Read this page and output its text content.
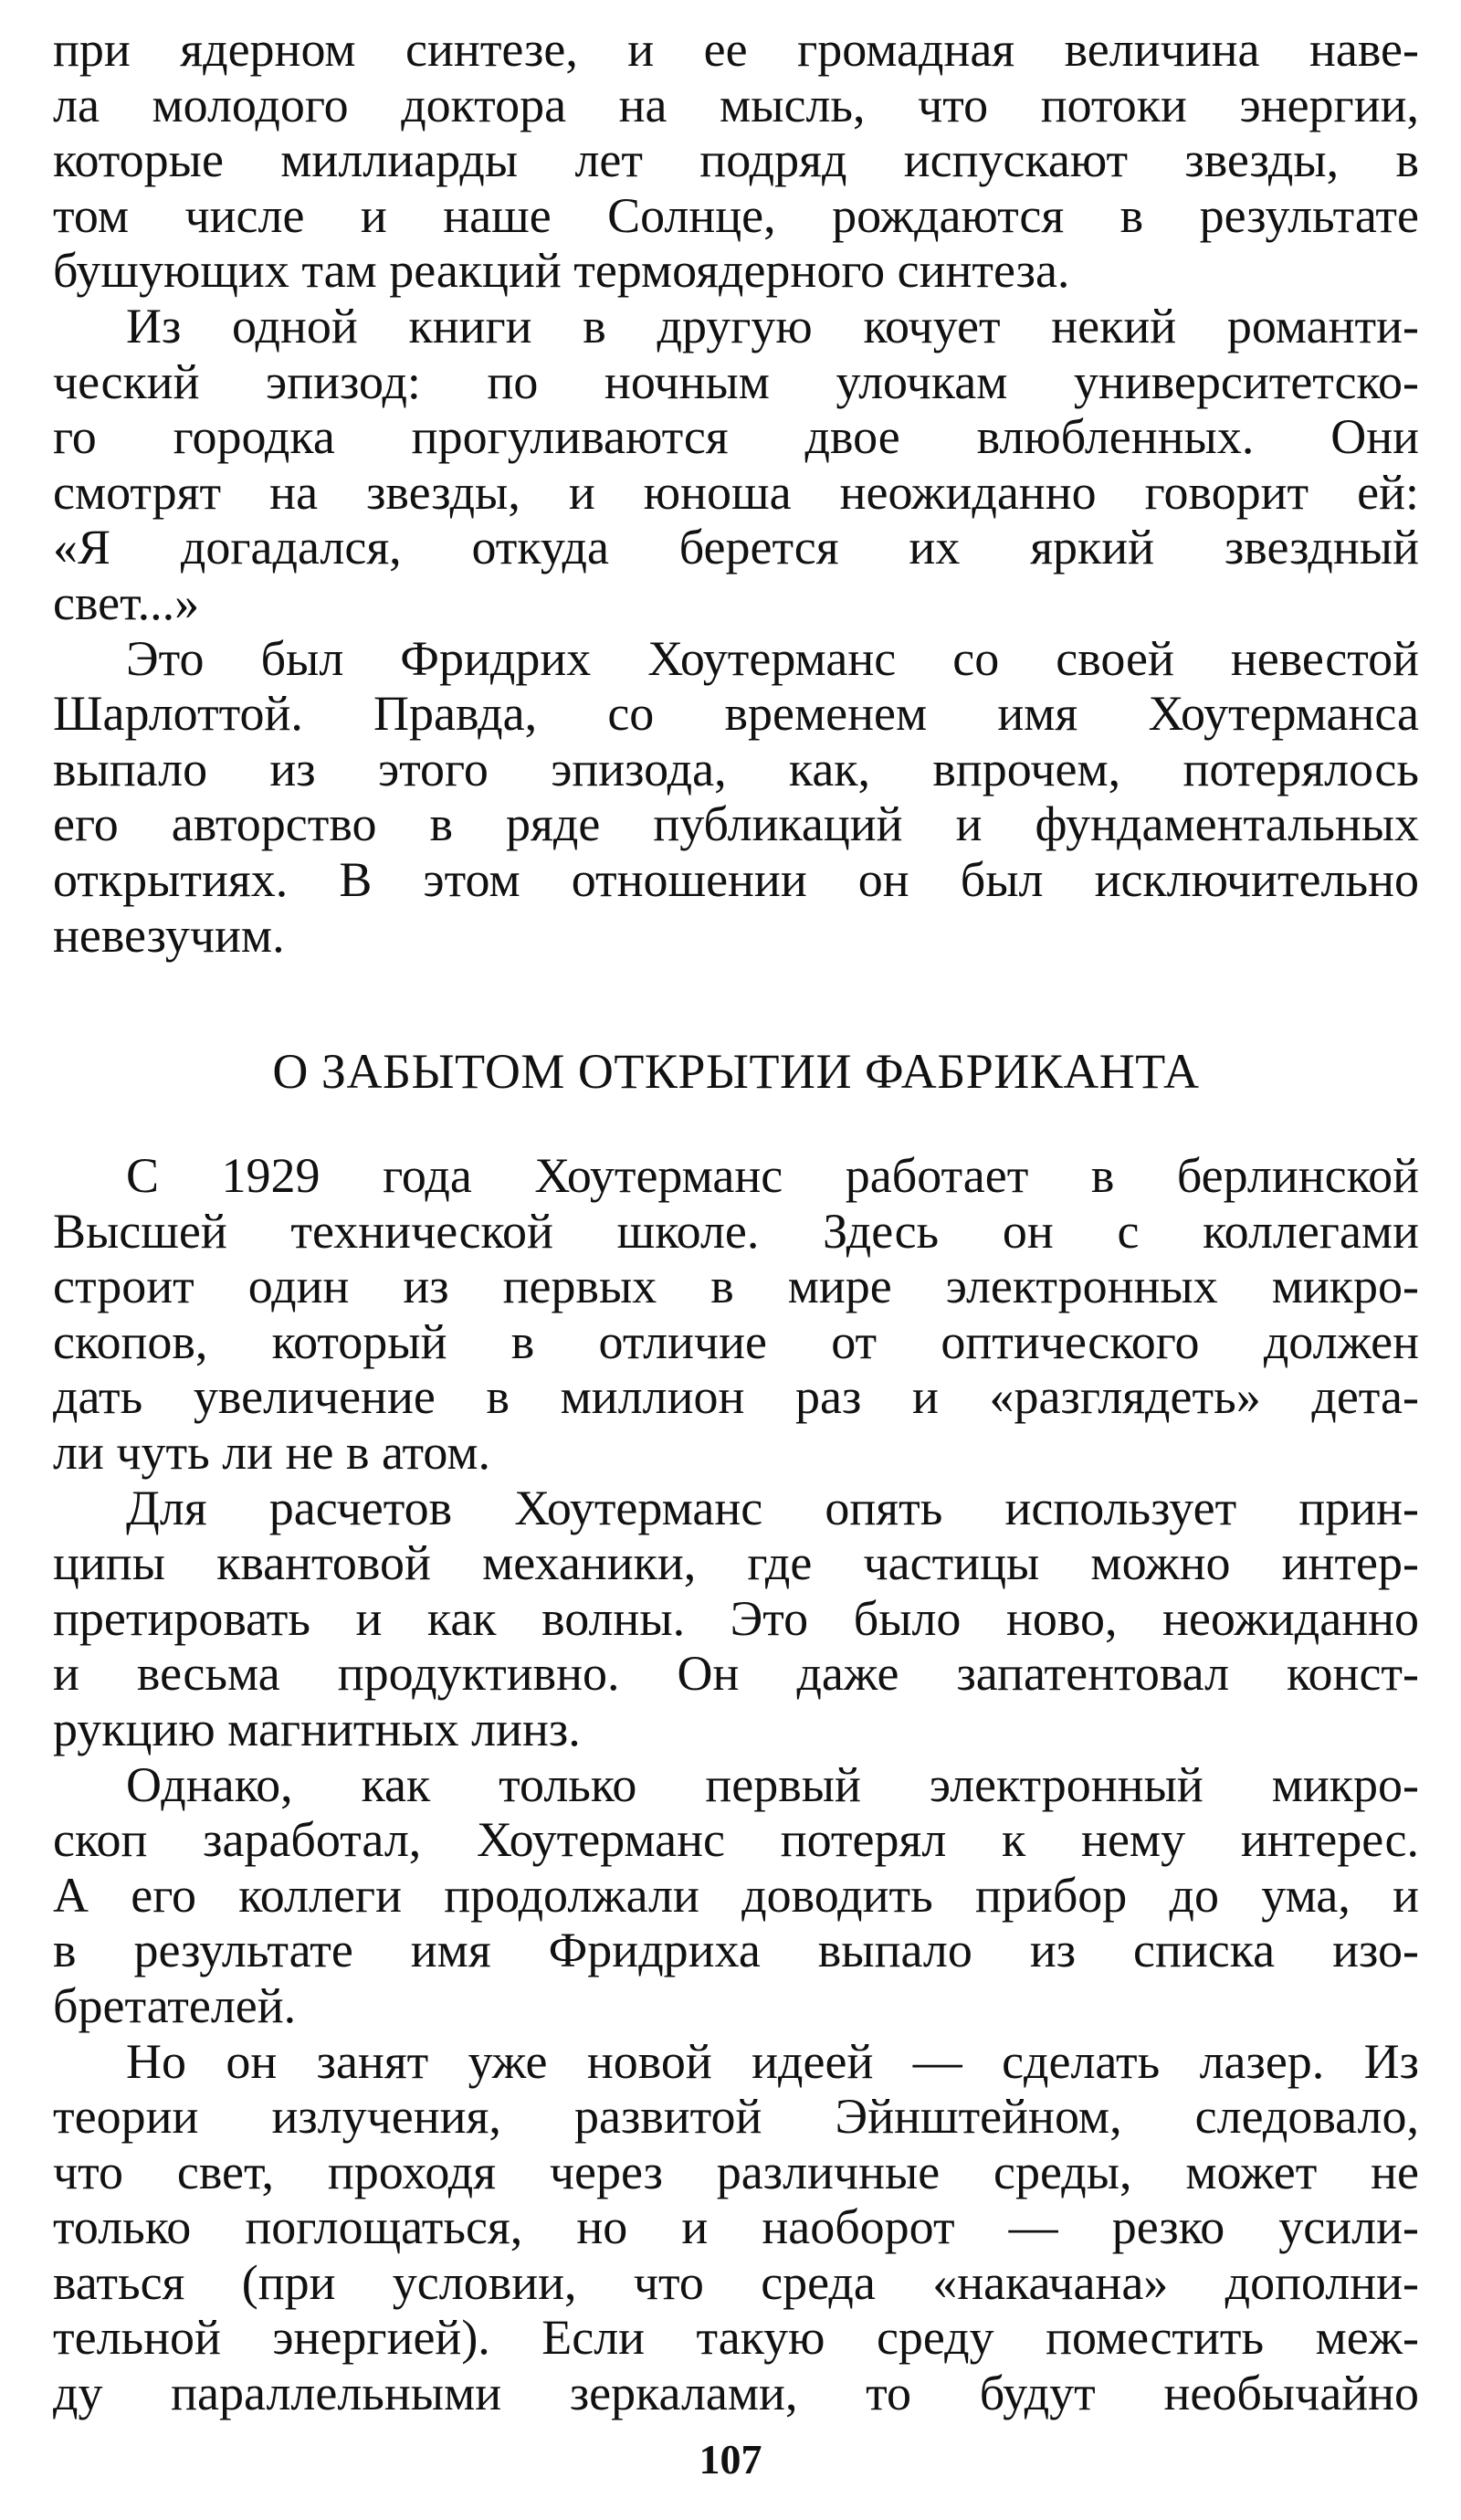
при ядерном синтезе, и ее громадная величина наве-
ла молодого доктора на мысль, что потоки энергии,
которые миллиарды лет подряд испускают звезды, в
том числе и наше Солнце, рождаются в результате
бушующих там реакций термоядерного синтеза.
Из одной книги в другую кочует некий романти-
ческий эпизод: по ночным улочкам университетско-
го городка прогуливаются двое влюбленных. Они
смотрят на звезды, и юноша неожиданно говорит ей:
«Я догадался, откуда берется их яркий звездный
свет...»
Это был Фридрих Хоутерманс со своей невестой
Шарлоттой. Правда, со временем имя Хоутерманса
выпало из этого эпизода, как, впрочем, потерялось
его авторство в ряде публикаций и фундаментальных
открытиях. В этом отношении он был исключительно
невезучим.
О ЗАБЫТОМ ОТКРЫТИИ ФАБРИКАНТА
С 1929 года Хоутерманс работает в берлинской
Высшей технической школе. Здесь он с коллегами
строит один из первых в мире электронных микро-
скопов, который в отличие от оптического должен
дать увеличение в миллион раз и «разглядеть» дета-
ли чуть ли не в атом.
Для расчетов Хоутерманс опять использует прин-
ципы квантовой механики, где частицы можно интер-
претировать и как волны. Это было ново, неожиданно
и весьма продуктивно. Он даже запатентовал конст-
рукцию магнитных линз.
Однако, как только первый электронный микро-
скоп заработал, Хоутерманс потерял к нему интерес.
А его коллеги продолжали доводить прибор до ума, и
в результате имя Фридриха выпало из списка изо-
бретателей.
Но он занят уже новой идеей — сделать лазер. Из
теории излучения, развитой Эйнштейном, следовало,
что свет, проходя через различные среды, может не
только поглощаться, но и наоборот — резко усили-
ваться (при условии, что среда «накачана» дополни-
тельной энергией). Если такую среду поместить меж-
ду параллельными зеркалами, то будут необычайно
107
